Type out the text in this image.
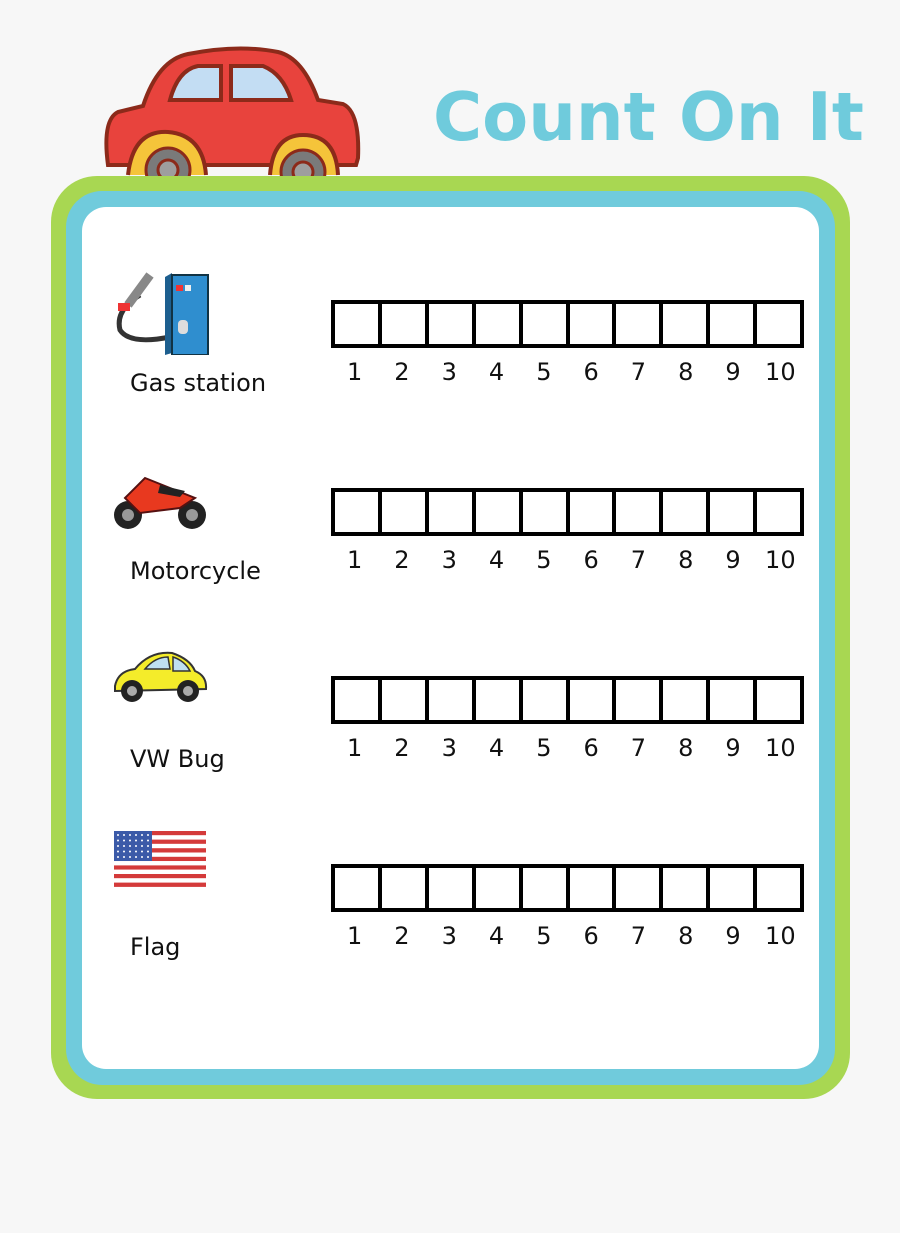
Count On It
Gas station	1	2	3	4	5	6	7	8	9	10
Motorcycle	1	2	3	4	5	6	7	8	9	10
VW Bug	1	2	3	4	5	6	7	8	9	10
Flag	1	2	3	4	5	6	7	8	9	10
